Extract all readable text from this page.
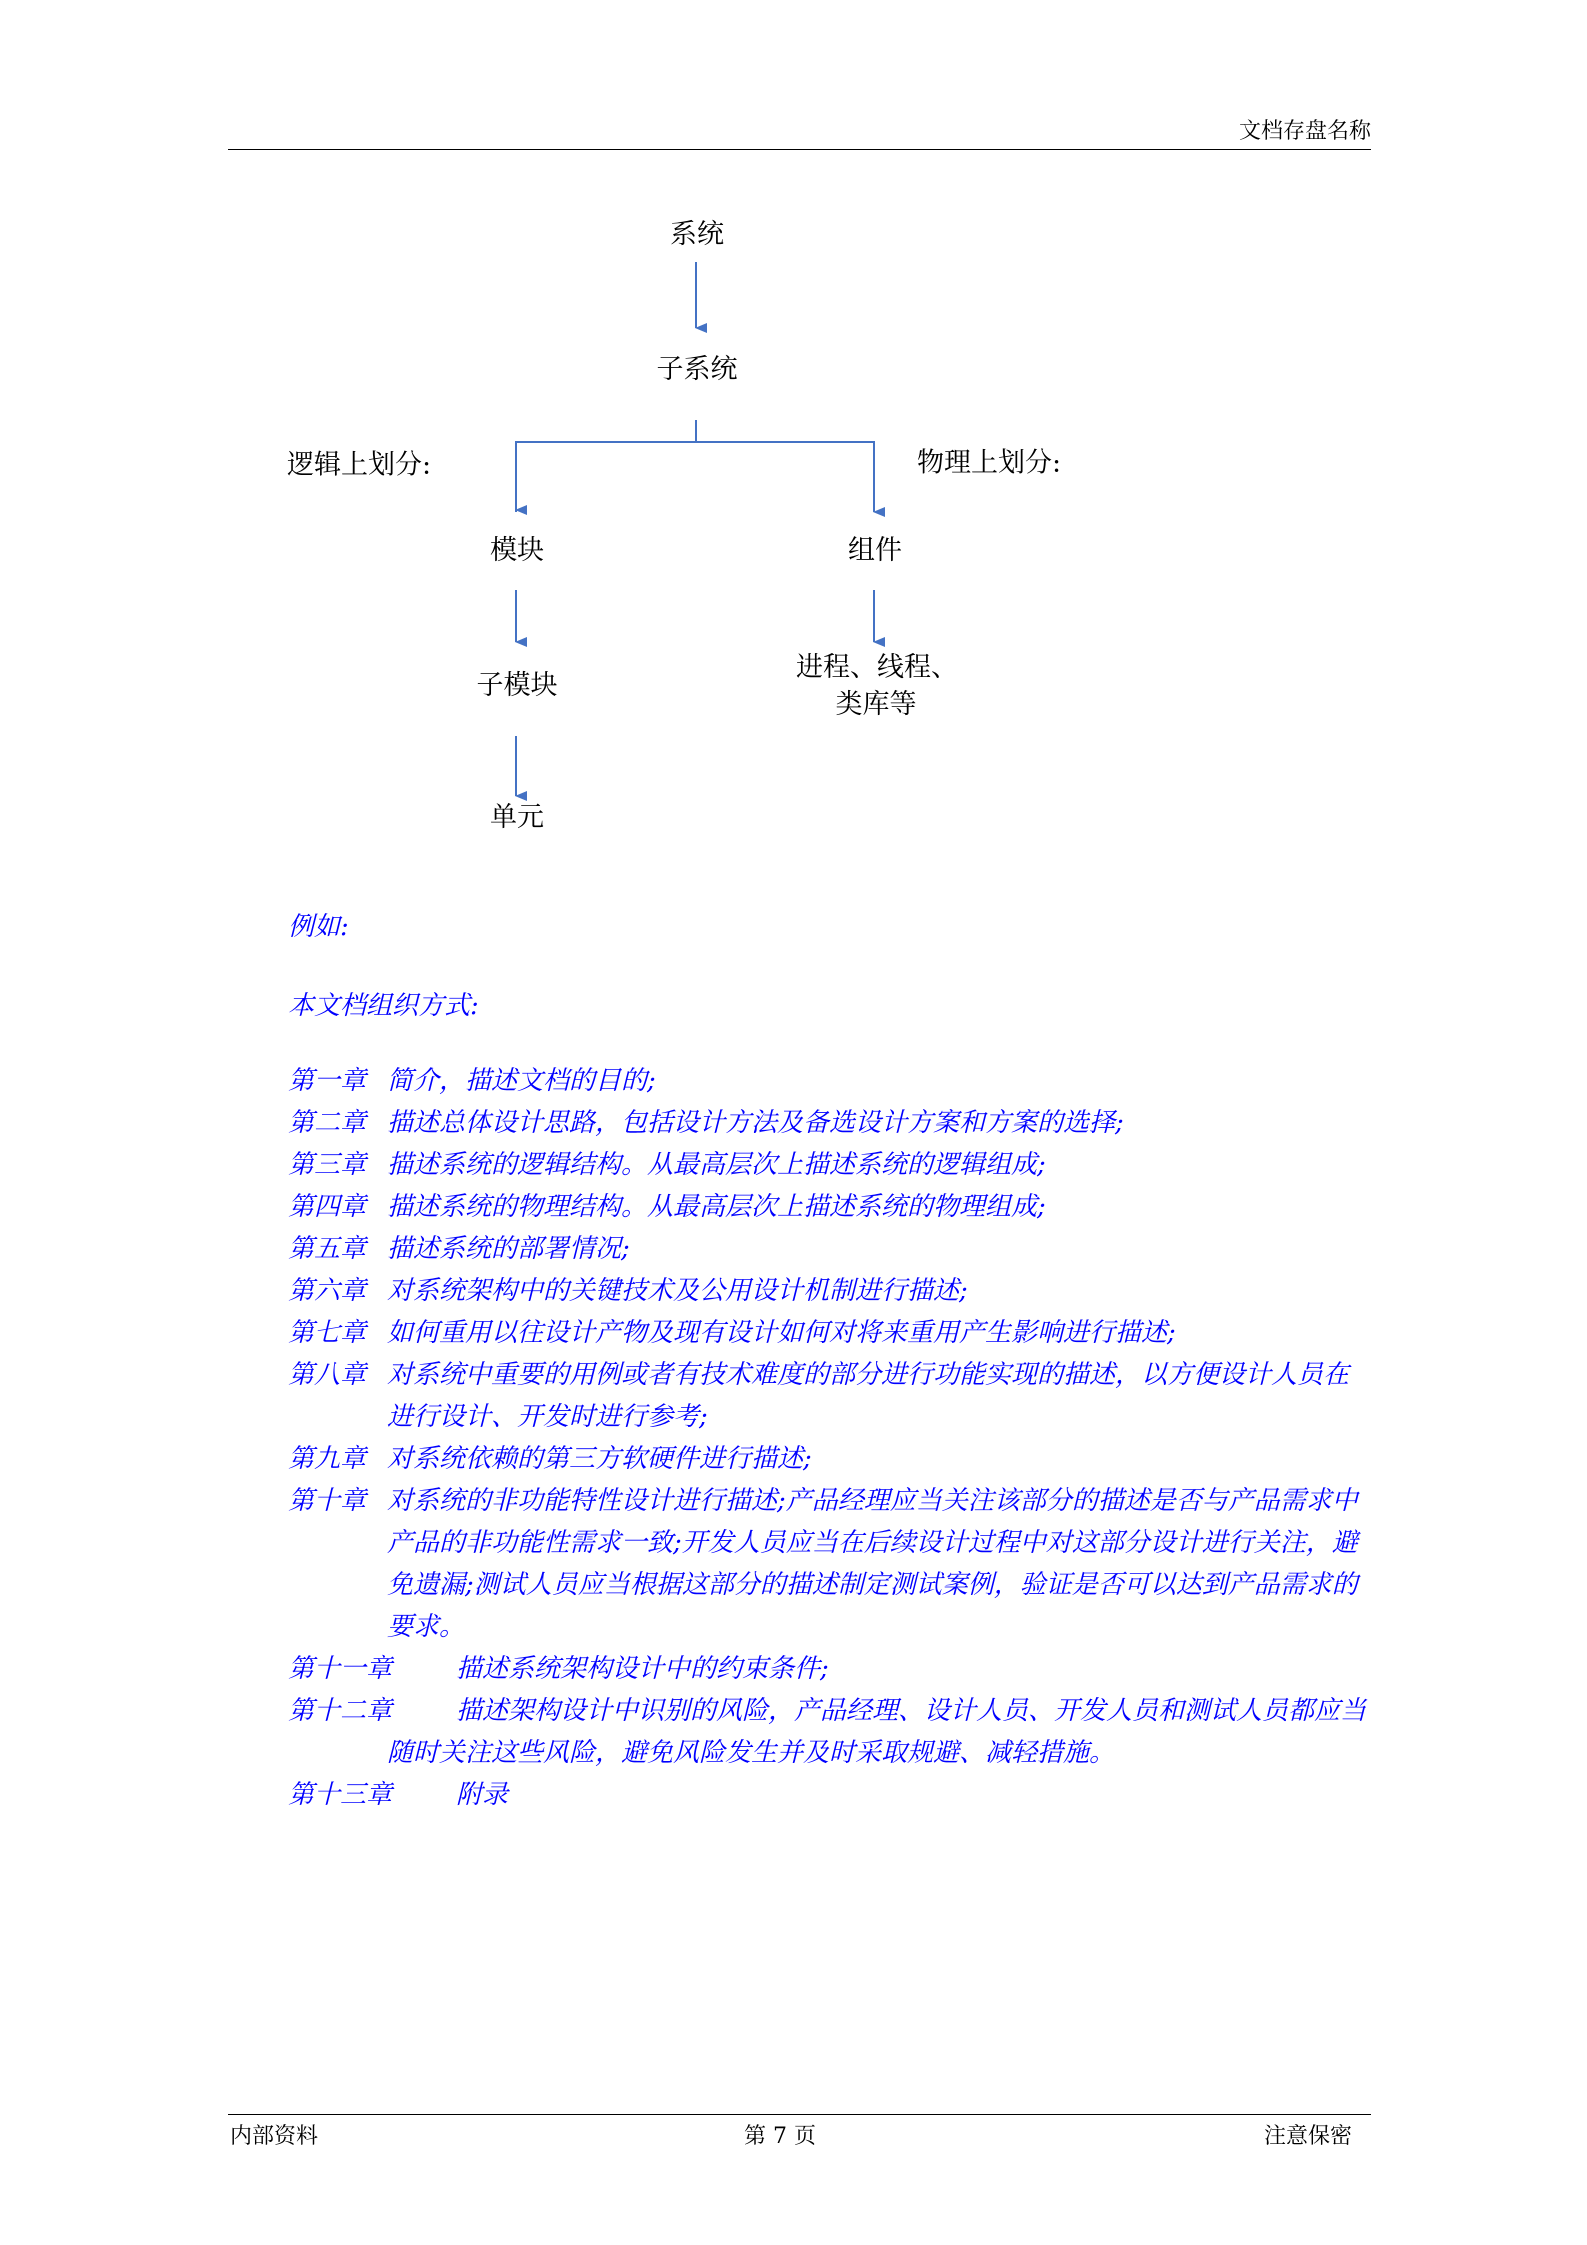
文档存盘名称
系统
子系统
逻辑上划分:	物理上划分:
模块	组件
子模块
进程、线程、
类库等
单元
例如:
本文档组织方式:
第一章 简介，描述文档的目的;
第二章 描述总体设计思路，包括设计方法及备选设计方案和方案的选择;
第三章 描述系统的逻辑结构。从最高层次上描述系统的逻辑组成;
第四章 描述系统的物理结构。从最高层次上描述系统的物理组成;
第五章 描述系统的部署情况;
第六章 对系统架构中的关键技术及公用设计机制进行描述;
第七章 如何重用以往设计产物及现有设计如何对将来重用产生影响进行描述;
第八章 对系统中重要的用例或者有技术难度的部分进行功能实现的描述，以方便设计人员在进行设计、开发时进行参考;
第九章 对系统依赖的第三方软硬件进行描述;
第十章 对系统的非功能特性设计进行描述;产品经理应当关注该部分的描述是否与产品需求中产品的非功能性需求一致;开发人员应当在后续设计过程中对这部分设计进行关注，避免遗漏;测试人员应当根据这部分的描述制定测试案例，验证是否可以达到产品需求的要求。
第十一章	描述系统架构设计中的约束条件;
第十二章	描述架构设计中识别的风险，产品经理、设计人员、开发人员和测试人员都应当随时关注这些风险，避免风险发生并及时采取规避、减轻措施。
第十三章	附录
内部资料	第 7 页	注意保密
